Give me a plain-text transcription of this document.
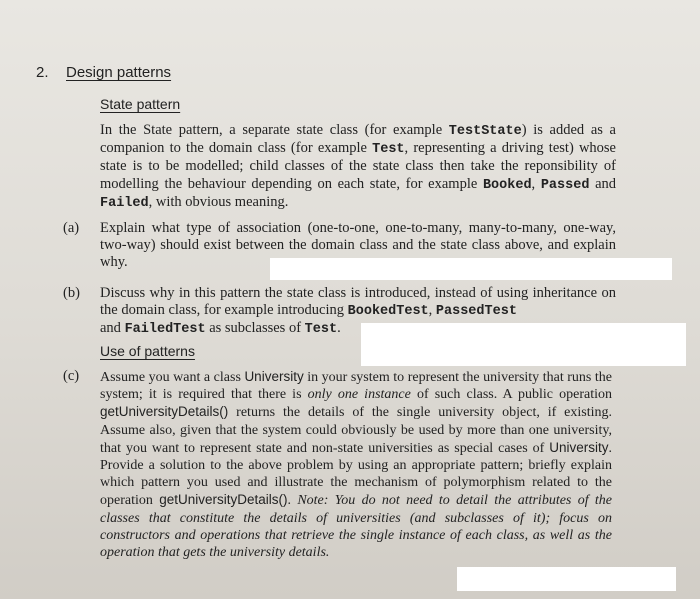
2. Design patterns
State pattern
In the State pattern, a separate state class (for example TestState) is added as a companion to the domain class (for example Test, representing a driving test) whose state is to be modelled; child classes of the state class then take the reponsibility of modelling the behaviour depending on each state, for example Booked, Passed and Failed, with obvious meaning.
(a) Explain what type of association (one-to-one, one-to-many, many-to-many, one-way, two-way) should exist between the domain class and the state class above, and explain why.
(b) Discuss why in this pattern the state class is introduced, instead of using inheritance on the domain class, for example introducing BookedTest, PassedTest
and FailedTest as subclasses of Test.
Use of patterns
(c) Assume you want a class University in your system to represent the university that runs the system; it is required that there is only one instance of such class. A public operation getUniversityDetails() returns the details of the single university object, if existing. Assume also, given that the system could obviously be used by more than one university, that you want to represent state and non-state universities as special cases of University. Provide a solution to the above problem by using an appropriate pattern; briefly explain which pattern you used and illustrate the mechanism of polymorphism related to the operation getUniversityDetails(). Note: You do not need to detail the attributes of the classes that constitute the details of universities (and subclasses of it); focus on constructors and operations that retrieve the single instance of each class, as well as the operation that gets the university details.
